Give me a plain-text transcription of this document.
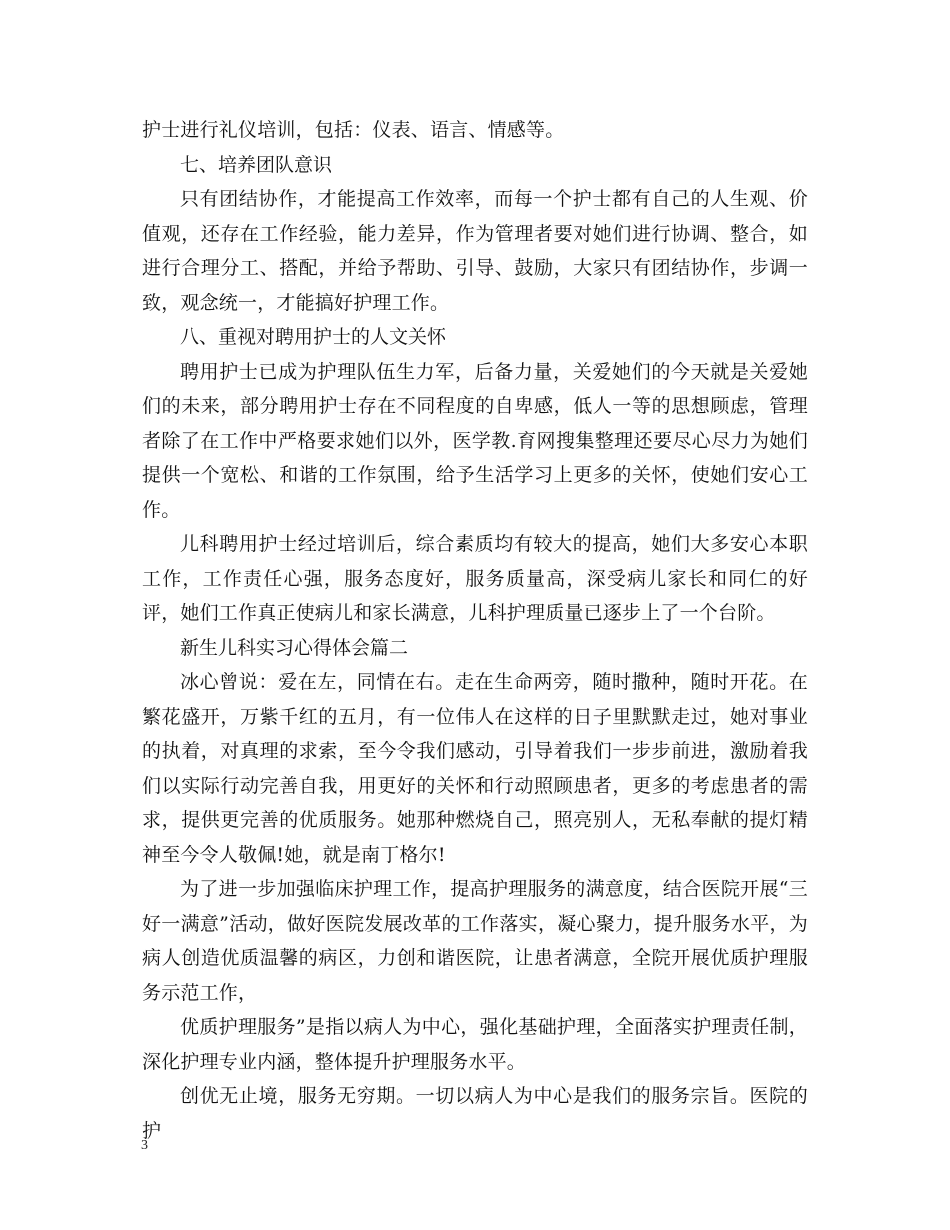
护士进行礼仪培训，包括：仪表、语言、情感等。

七、培养团队意识

只有团结协作，才能提高工作效率，而每一个护士都有自己的人生观、价值观，还存在工作经验，能力差异，作为管理者要对她们进行协调、整合，如进行合理分工、搭配，并给予帮助、引导、鼓励，大家只有团结协作，步调一致，观念统一，才能搞好护理工作。

八、重视对聘用护士的人文关怀

聘用护士已成为护理队伍生力军，后备力量，关爱她们的今天就是关爱她们的未来，部分聘用护士存在不同程度的自卑感，低人一等的思想顾虑，管理者除了在工作中严格要求她们以外，医学教.育网搜集整理还要尽心尽力为她们提供一个宽松、和谐的工作氛围，给予生活学习上更多的关怀，使她们安心工作。

儿科聘用护士经过培训后，综合素质均有较大的提高，她们大多安心本职工作，工作责任心强，服务态度好，服务质量高，深受病儿家长和同仁的好评，她们工作真正使病儿和家长满意，儿科护理质量已逐步上了一个台阶。

新生儿科实习心得体会篇二

冰心曾说：爱在左，同情在右。走在生命两旁，随时撒种，随时开花。在繁花盛开，万紫千红的五月，有一位伟人在这样的日子里默默走过，她对事业的执着，对真理的求索，至今令我们感动，引导着我们一步步前进，激励着我们以实际行动完善自我，用更好的关怀和行动照顾患者，更多的考虑患者的需求，提供更完善的优质服务。她那种燃烧自己，照亮别人，无私奉献的提灯精神至今令人敬佩!她，就是南丁格尔!

为了进一步加强临床护理工作，提高护理服务的满意度，结合医院开展“三好一满意”活动，做好医院发展改革的工作落实，凝心聚力，提升服务水平，为病人创造优质温馨的病区，力创和谐医院，让患者满意，全院开展优质护理服务示范工作，

优质护理服务”是指以病人为中心，强化基础护理，全面落实护理责任制，深化护理专业内涵，整体提升护理服务水平。

创优无止境，服务无穷期。一切以病人为中心是我们的服务宗旨。医院的护

3
